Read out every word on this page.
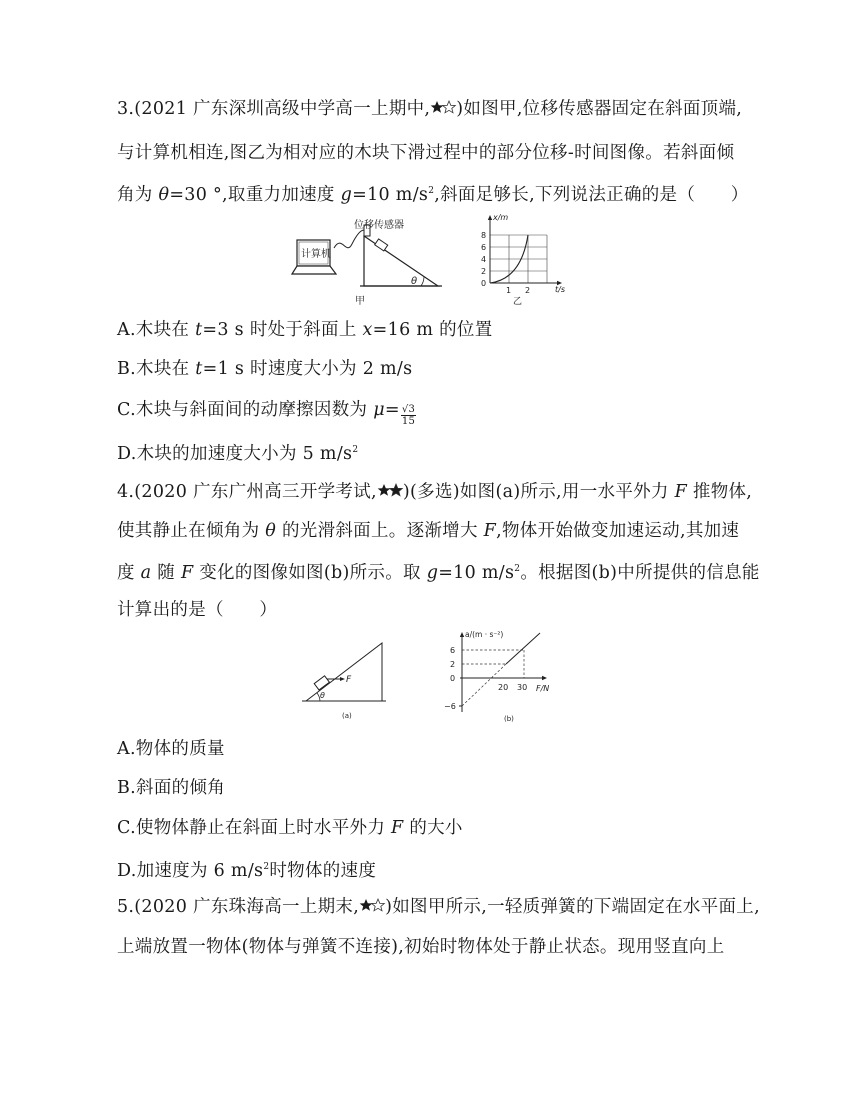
3.(2021 广东深圳高级中学高一上期中, )如图甲,位移传感器固定在斜面顶端,
与计算机相连,图乙为相对应的木块下滑过程中的部分位移-时间图像。若斜面倾
角为 θ=30 °,取重力加速度 g=10 $m/s^2$,斜面足够长,下列说法正确的是（　　）
计算机
位移传感器
θ
甲
x/m
8
6
4
2
0
1 2	t/s
乙
A.木块在 t=3 s 时处于斜面上 x=16 m 的位置
B.木块在 t=1 s 时速度大小为 2 m/s
C.木块与斜面间的动摩擦因数为 $\mu= \frac{√3}{15}$
D.木块的加速度大小为 5 $m/s^2$
4.(2020 广东广州高三开学考试, )(多选)如图(a)所示,用一水平外力 F 推物体,
使其静止在倾角为 θ 的光滑斜面上。逐渐增大 F,物体开始做变加速运动,其加速
度 a 随 F 变化的图像如图(b)所示。取 g=10 $m/s^2$。根据图(b)中所提供的信息能
计算出的是（　　）
F
θ
(a)
a/(m · s⁻²)
6
2
0
−6
20 30 F/N
(b)
A.物体的质量
B.斜面的倾角
C.使物体静止在斜面上时水平外力 F 的大小
D.加速度为 6 $m/s^2$时物体的速度
5.(2020 广东珠海高一上期末, )如图甲所示,一轻质弹簧的下端固定在水平面上,
上端放置一物体(物体与弹簧不连接),初始时物体处于静止状态。现用竖直向上
